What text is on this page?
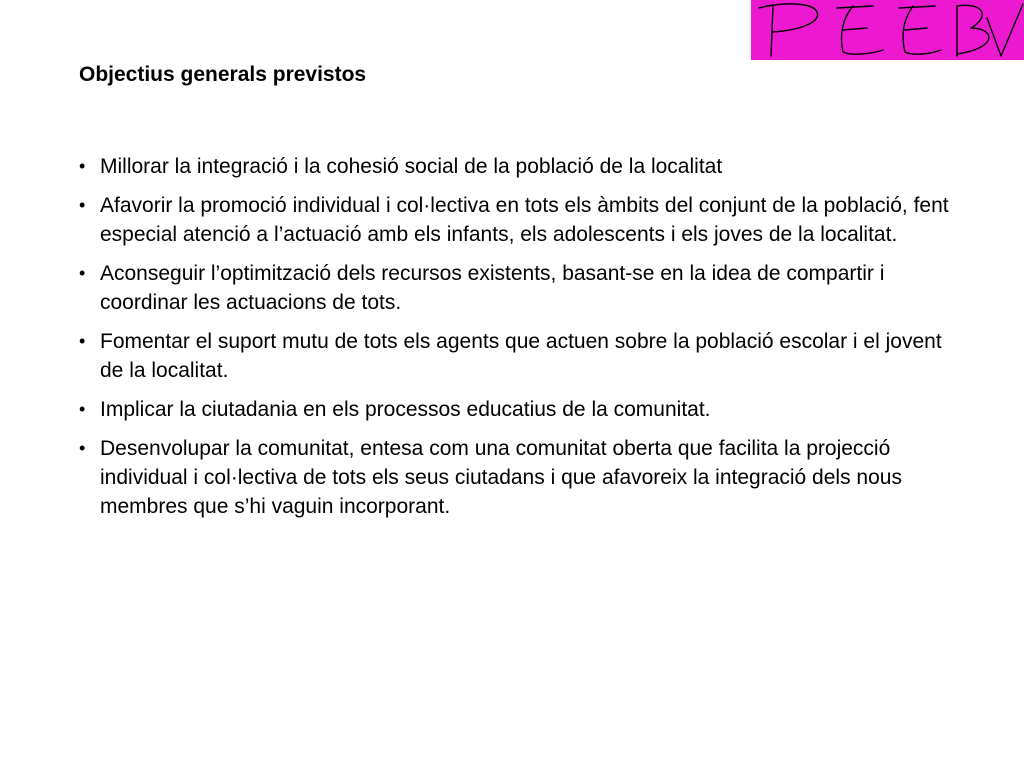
Objectius generals previstos
• Millorar la integració i la cohesió social de la població de la localitat
• Afavorir la promoció individual i col·lectiva en tots els àmbits del conjunt de la població, fent especial atenció a l’actuació amb els infants, els adolescents i els joves de la localitat.
• Aconseguir l’optimització dels recursos existents, basant-se en la idea de compartir i coordinar les actuacions de tots.
• Fomentar el suport mutu de tots els agents que actuen sobre la població escolar i el jovent de la localitat.
• Implicar la ciutadania en els processos educatius de la comunitat.
• Desenvolupar la comunitat, entesa com una comunitat oberta que facilita la projecció individual i col·lectiva de tots els seus ciutadans i que afavoreix la integració dels nous membres que s’hi vaguin incorporant.
